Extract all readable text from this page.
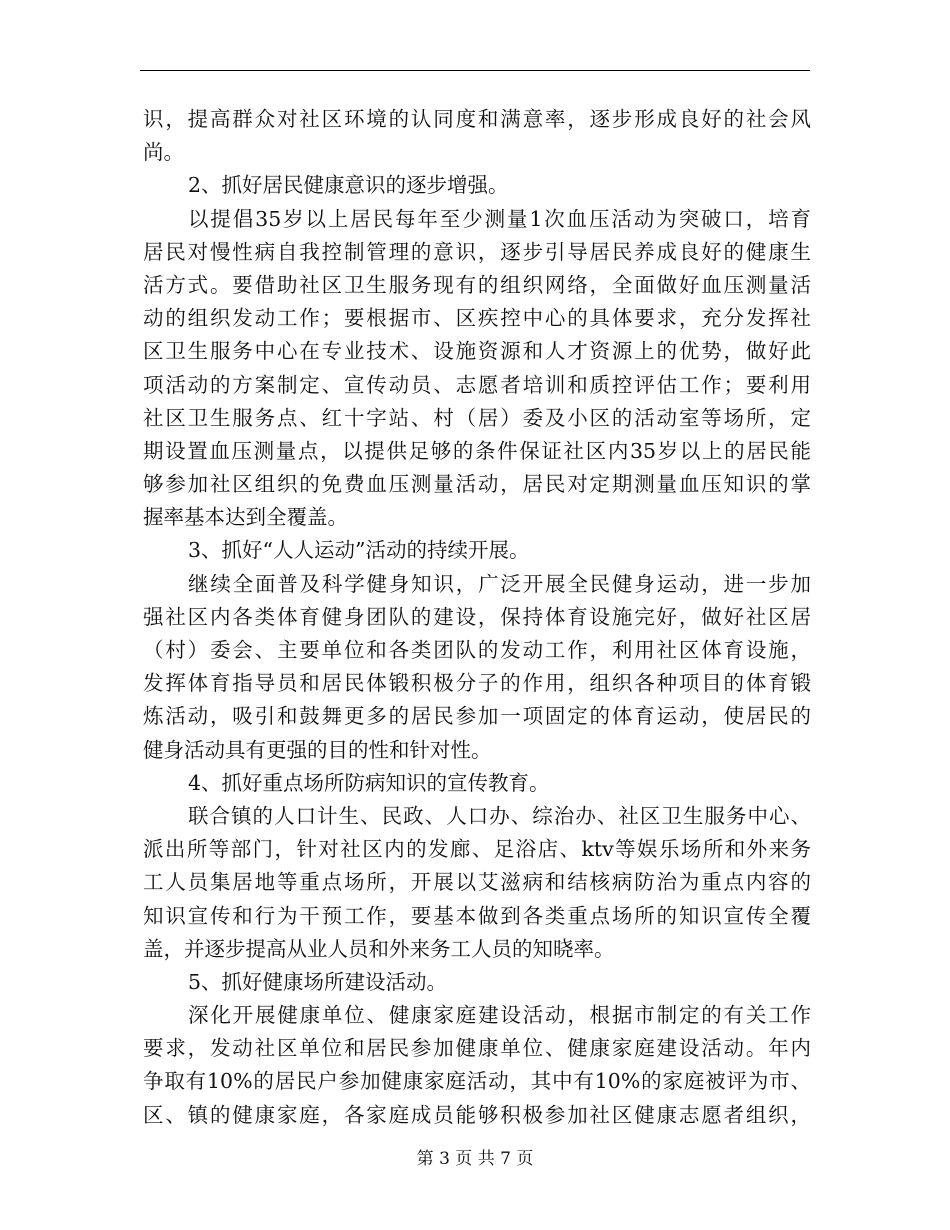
识，提高群众对社区环境的认同度和满意率，逐步形成良好的社会风
尚。
2、抓好居民健康意识的逐步增强。
以提倡35岁以上居民每年至少测量1次血压活动为突破口，培育
居民对慢性病自我控制管理的意识，逐步引导居民养成良好的健康生
活方式。要借助社区卫生服务现有的组织网络，全面做好血压测量活
动的组织发动工作；要根据市、区疾控中心的具体要求，充分发挥社
区卫生服务中心在专业技术、设施资源和人才资源上的优势，做好此
项活动的方案制定、宣传动员、志愿者培训和质控评估工作；要利用
社区卫生服务点、红十字站、村（居）委及小区的活动室等场所，定
期设置血压测量点，以提供足够的条件保证社区内35岁以上的居民能
够参加社区组织的免费血压测量活动，居民对定期测量血压知识的掌
握率基本达到全覆盖。
3、抓好“人人运动”活动的持续开展。
继续全面普及科学健身知识，广泛开展全民健身运动，进一步加
强社区内各类体育健身团队的建设，保持体育设施完好，做好社区居
（村）委会、主要单位和各类团队的发动工作，利用社区体育设施，
发挥体育指导员和居民体锻积极分子的作用，组织各种项目的体育锻
炼活动，吸引和鼓舞更多的居民参加一项固定的体育运动，使居民的
健身活动具有更强的目的性和针对性。
4、抓好重点场所防病知识的宣传教育。
联合镇的人口计生、民政、人口办、综治办、社区卫生服务中心、
派出所等部门，针对社区内的发廊、足浴店、ktv等娱乐场所和外来务
工人员集居地等重点场所，开展以艾滋病和结核病防治为重点内容的
知识宣传和行为干预工作，要基本做到各类重点场所的知识宣传全覆
盖，并逐步提高从业人员和外来务工人员的知晓率。
5、抓好健康场所建设活动。
深化开展健康单位、健康家庭建设活动，根据市制定的有关工作
要求，发动社区单位和居民参加健康单位、健康家庭建设活动。年内
争取有10%的居民户参加健康家庭活动，其中有10%的家庭被评为市、
区、镇的健康家庭，各家庭成员能够积极参加社区健康志愿者组织，
第 3 页 共 7 页
